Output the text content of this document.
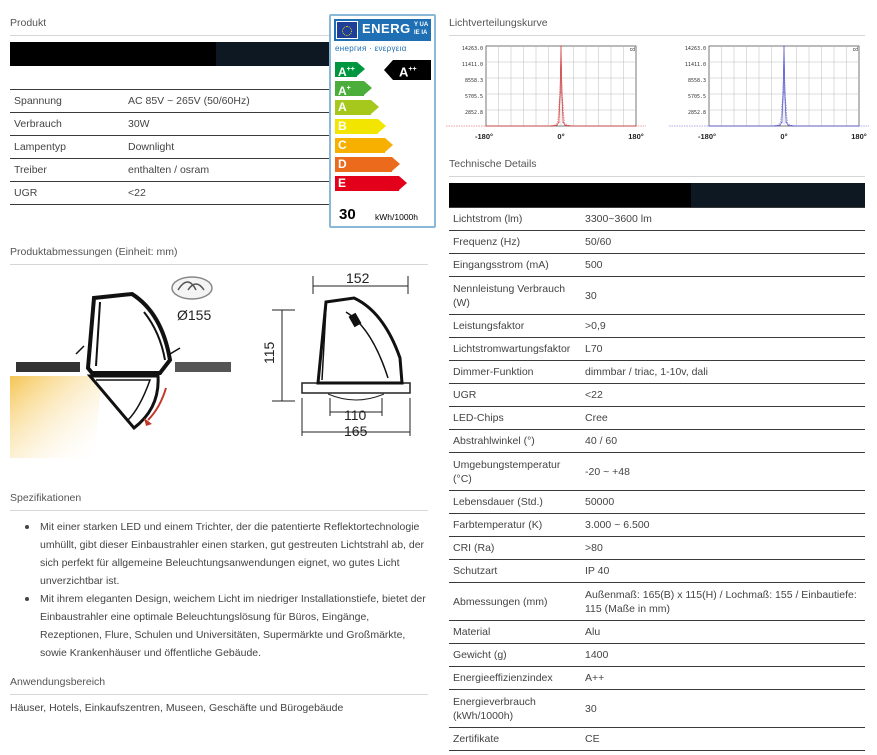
Produkt
Spannung	AC 85V ~ 265V (50/60Hz)
Verbrauch	30W
Lampentyp	Downlight
Treiber	enthalten / osram
UGR	<22
ENERG Y UA
IE IA
енергия · ενεργεια
A++
A+
A
B
C
D
E
A++
30 kWh/1000h
Produktabmessungen (Einheit: mm)
Ø155
152
115
110
165
Spezifikationen
Mit einer starken LED und einem Trichter, der die patentierte Reflektortechnologie umhüllt, gibt dieser Einbaustrahler einen starken, gut gestreuten Lichtstrahl ab, der sich perfekt für allgemeine Beleuchtungsanwendungen eignet, wo gutes Licht unverzichtbar ist.
Mit ihrem eleganten Design, weichem Licht im niedriger Installationstiefe, bietet der Einbaustrahler eine optimale Beleuchtungslösung für Büros, Eingänge, Rezeptionen, Flure, Schulen und Universitäten, Supermärkte und Großmärkte, sowie Krankenhäuser und öffentliche Gebäude.
Anwendungsbereich
Häuser, Hotels, Einkaufszentren, Museen, Geschäfte und Bürogebäude
Lichtverteilungskurve
14263.0
11411.0
8558.3
5705.5
2852.8
cd
-180°	0°	180°
14263.0
11411.0
8558.3
5705.5
2852.8
cd
-180°	0°	180°
Technische Details
Lichtstrom (lm)	3300~3600 lm
Frequenz (Hz)	50/60
Eingangsstrom (mA)	500
Nennleistung Verbrauch (W)	30
Leistungsfaktor	>0,9
Lichtstromwartungsfaktor	L70
Dimmer-Funktion	dimmbar / triac, 1-10v, dali
UGR	<22
LED-Chips	Cree
Abstrahlwinkel (°)	40 / 60
Umgebungstemperatur (°C)	-20 ~ +48
Lebensdauer (Std.)	50000
Farbtemperatur (K)	3.000 ~ 6.500
CRI (Ra)	>80
Schutzart	IP 40
Abmessungen (mm)	Außenmaß: 165(B) x 115(H) / Lochmaß: 155 / Einbautiefe: 115 (Maße in mm)
Material	Alu
Gewicht (g)	1400
Energieeffizienzindex	A++
Energieverbrauch (kWh/1000h)	30
Zertifikate	CE
